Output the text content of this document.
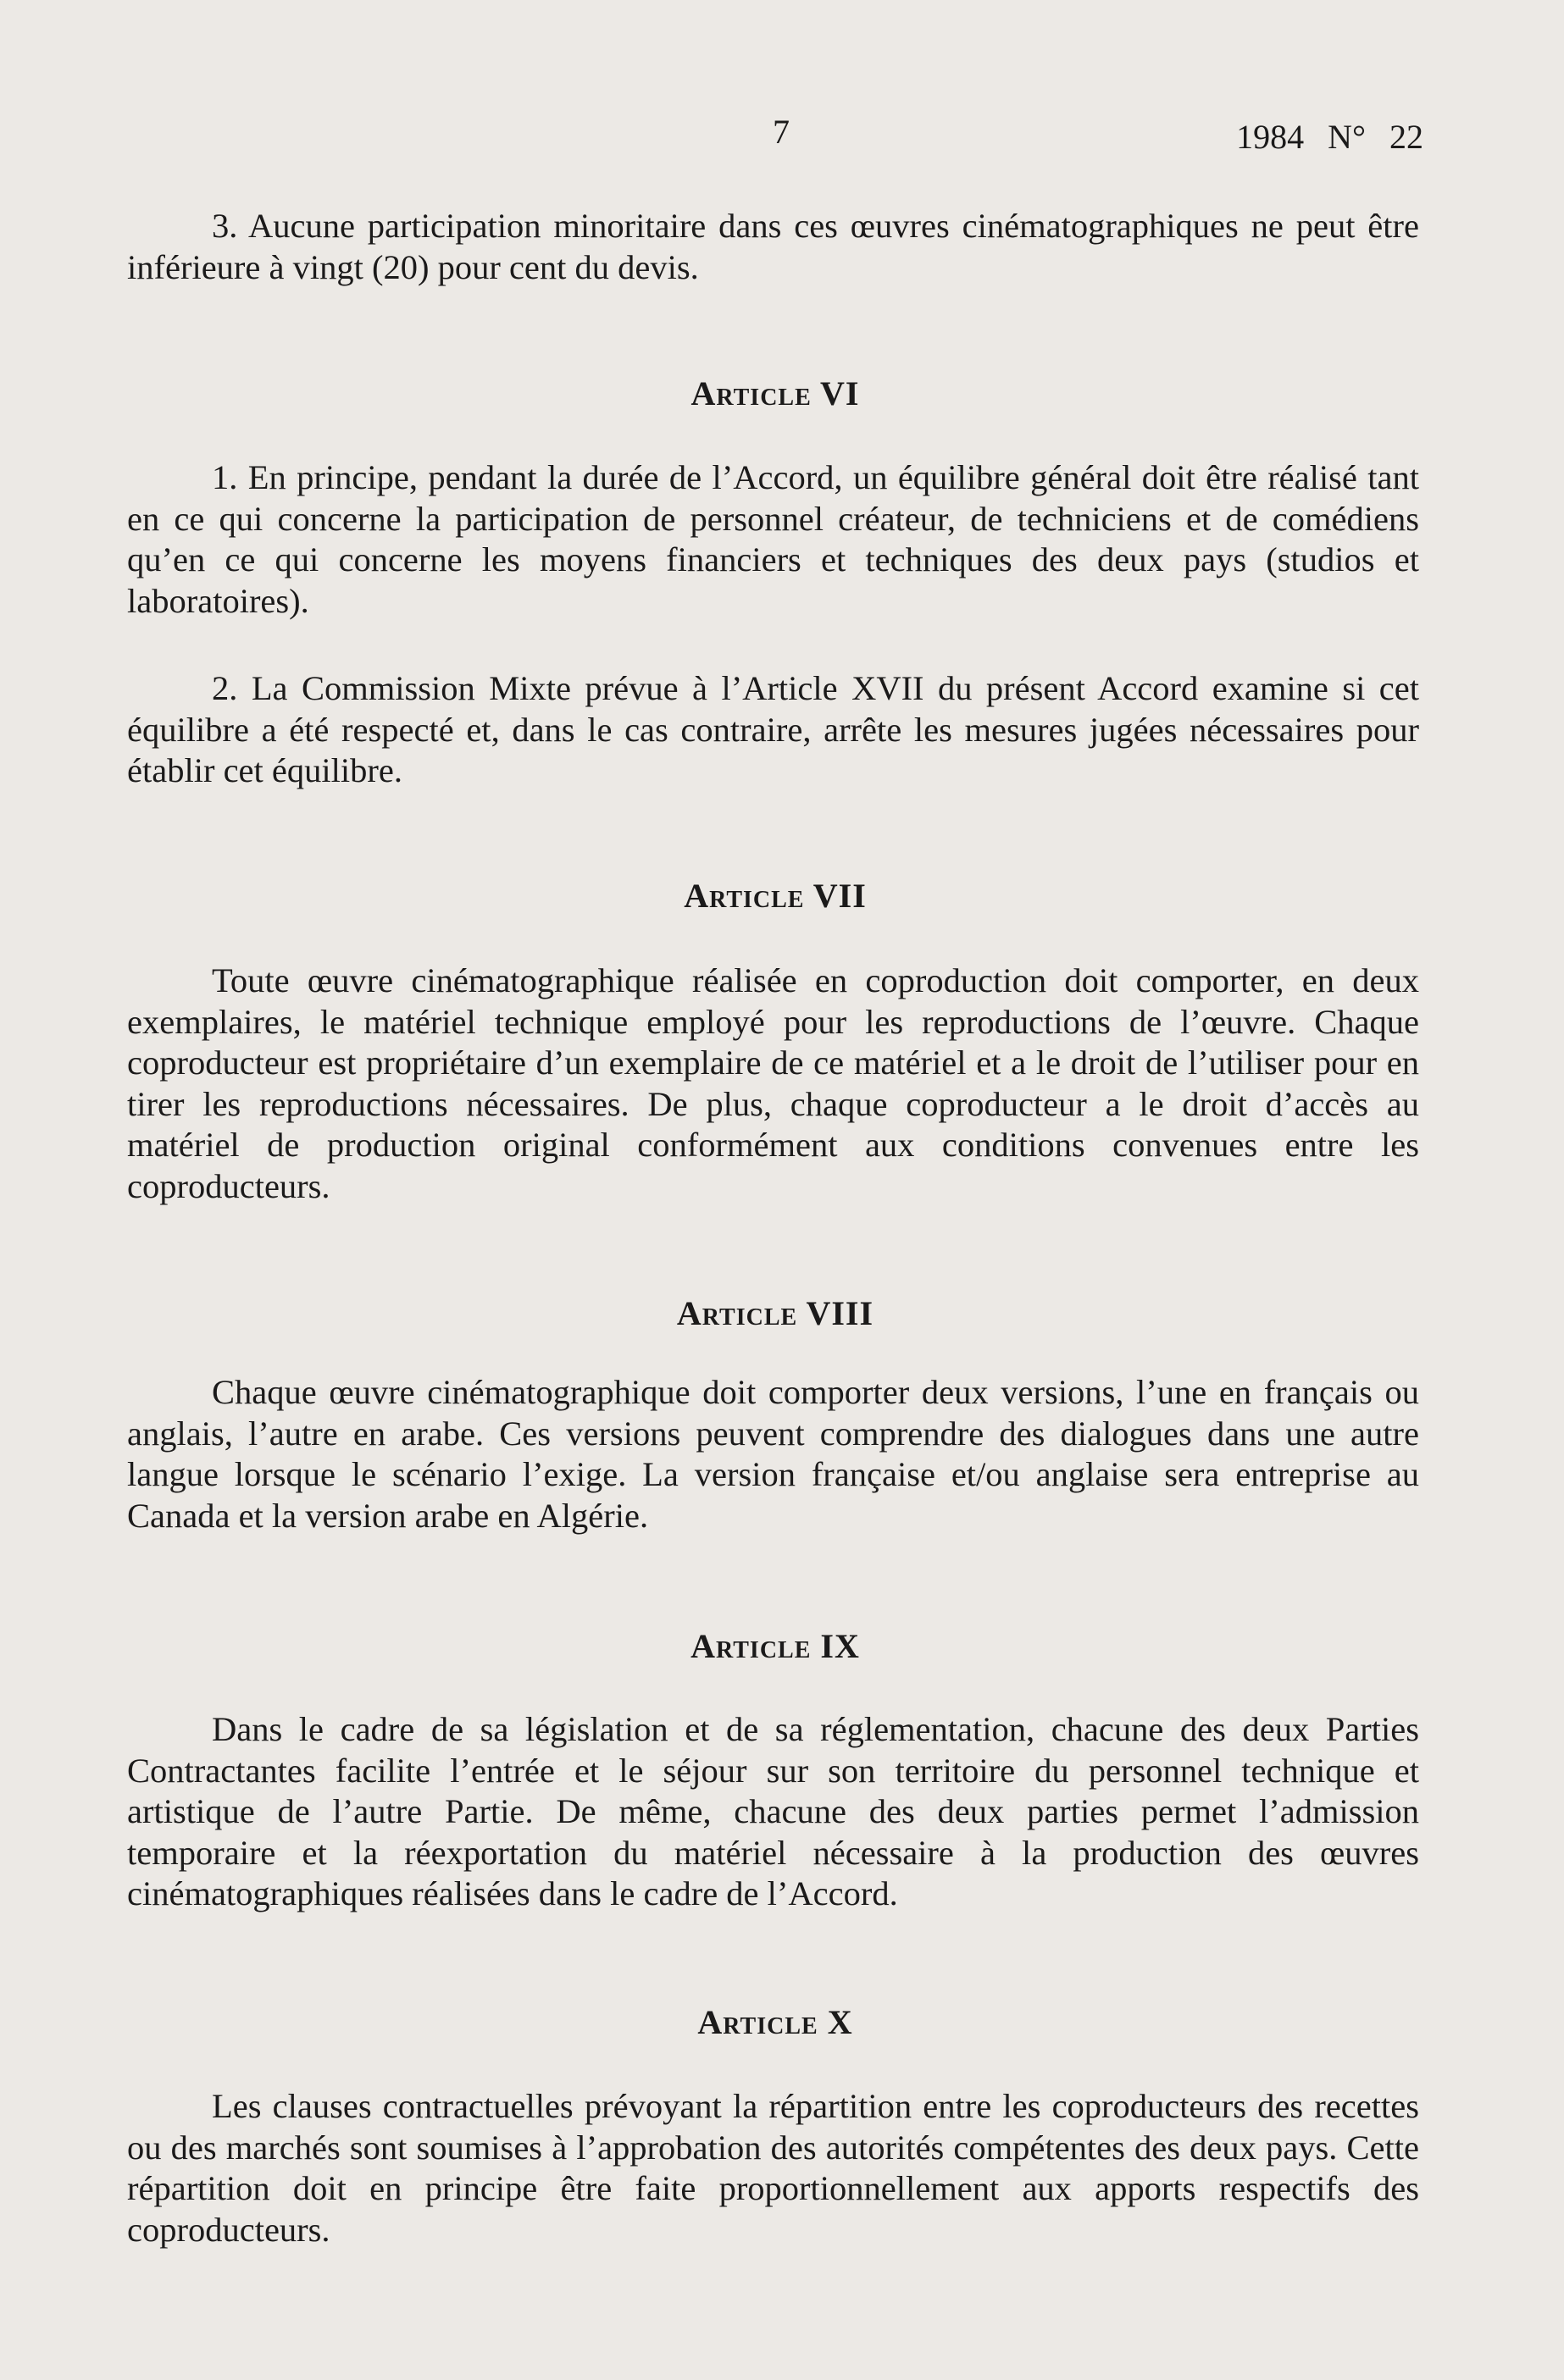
7	1984 N° 22

3. Aucune participation minoritaire dans ces œuvres cinématographiques ne peut être inférieure à vingt (20) pour cent du devis.

Article VI

1. En principe, pendant la durée de l’Accord, un équilibre général doit être réalisé tant en ce qui concerne la participation de personnel créateur, de techniciens et de comédiens qu’en ce qui concerne les moyens financiers et techniques des deux pays (studios et laboratoires).

2. La Commission Mixte prévue à l’Article XVII du présent Accord examine si cet équilibre a été respecté et, dans le cas contraire, arrête les mesures jugées nécessaires pour établir cet équilibre.

Article VII

Toute œuvre cinématographique réalisée en coproduction doit comporter, en deux exemplaires, le matériel technique employé pour les reproductions de l’œuvre. Chaque coproducteur est propriétaire d’un exemplaire de ce matériel et a le droit de l’utiliser pour en tirer les reproductions nécessaires. De plus, chaque coproducteur a le droit d’accès au matériel de production original conformément aux conditions convenues entre les coproducteurs.

Article VIII

Chaque œuvre cinématographique doit comporter deux versions, l’une en français ou anglais, l’autre en arabe. Ces versions peuvent comprendre des dialogues dans une autre langue lorsque le scénario l’exige. La version française et/ou anglaise sera entreprise au Canada et la version arabe en Algérie.

Article IX

Dans le cadre de sa législation et de sa réglementation, chacune des deux Parties Contractantes facilite l’entrée et le séjour sur son territoire du personnel technique et artistique de l’autre Partie. De même, chacune des deux parties permet l’admission temporaire et la réexportation du matériel nécessaire à la production des œuvres cinématographiques réalisées dans le cadre de l’Accord.

Article X

Les clauses contractuelles prévoyant la répartition entre les coproducteurs des recettes ou des marchés sont soumises à l’approbation des autorités compétentes des deux pays. Cette répartition doit en principe être faite proportionnellement aux apports respectifs des coproducteurs.
